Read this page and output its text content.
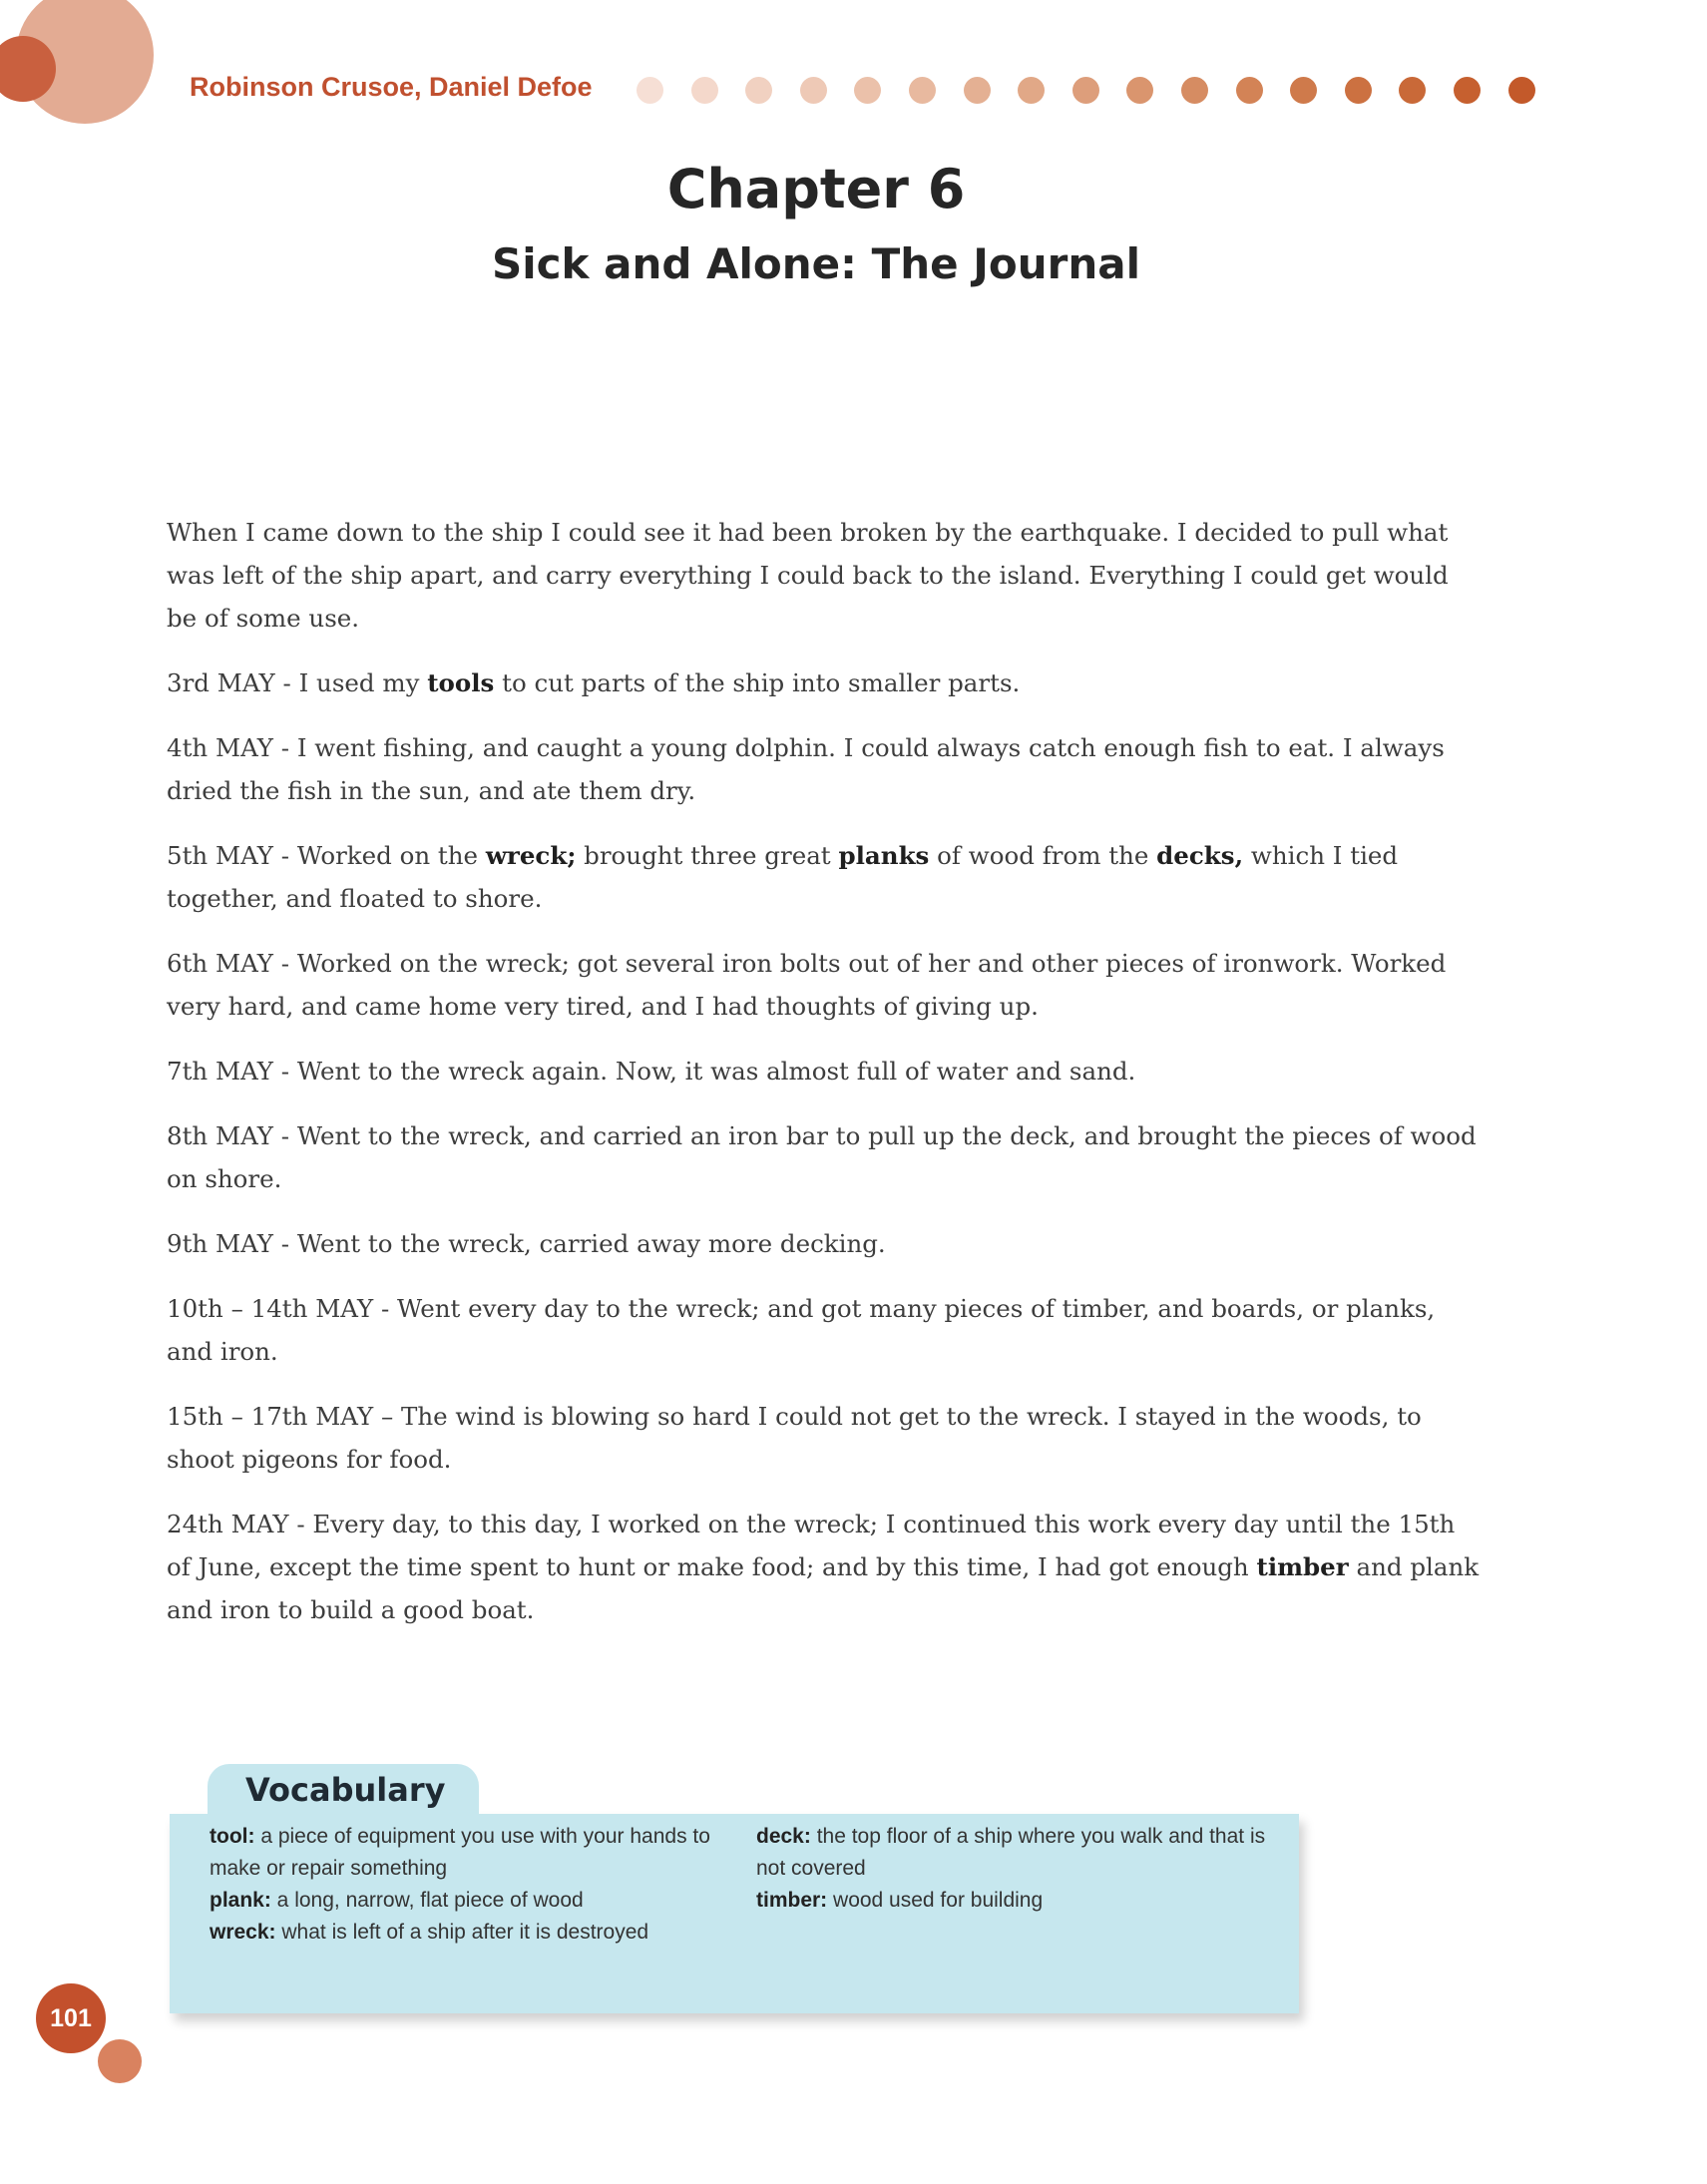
Robinson Crusoe, Daniel Defoe
Chapter 6
Sick and Alone: The Journal

When I came down to the ship I could see it had been broken by the earthquake. I decided to pull what was left of the ship apart, and carry everything I could back to the island. Everything I could get would be of some use.

3rd MAY - I used my tools to cut parts of the ship into smaller parts.

4th MAY - I went fishing, and caught a young dolphin. I could always catch enough fish to eat. I always dried the fish in the sun, and ate them dry.

5th MAY - Worked on the wreck; brought three great planks of wood from the decks, which I tied together, and floated to shore.

6th MAY - Worked on the wreck; got several iron bolts out of her and other pieces of ironwork. Worked very hard, and came home very tired, and I had thoughts of giving up.

7th MAY - Went to the wreck again. Now, it was almost full of water and sand.

8th MAY - Went to the wreck, and carried an iron bar to pull up the deck, and brought the pieces of wood on shore.

9th MAY - Went to the wreck, carried away more decking.

10th – 14th MAY - Went every day to the wreck; and got many pieces of timber, and boards, or planks, and iron.

15th – 17th MAY – The wind is blowing so hard I could not get to the wreck. I stayed in the woods, to shoot pigeons for food.

24th MAY - Every day, to this day, I worked on the wreck; I continued this work every day until the 15th of June, except the time spent to hunt or make food; and by this time, I had got enough timber and plank and iron to build a good boat.

Vocabulary
tool: a piece of equipment you use with your hands to make or repair something
plank: a long, narrow, flat piece of wood
wreck: what is left of a ship after it is destroyed
deck: the top floor of a ship where you walk and that is not covered
timber: wood used for building
101
